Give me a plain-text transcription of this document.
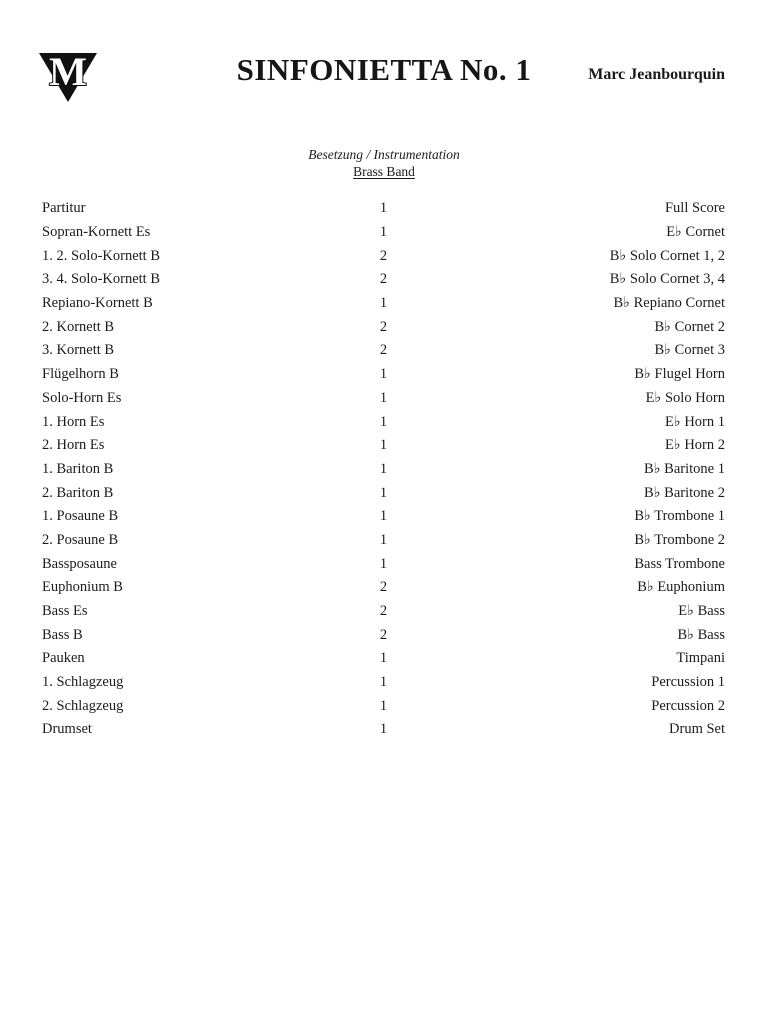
M	SINFONIETTA No. 1	Marc Jeanbourquin
Besetzung / Instrumentation
Brass Band
Partitur	1	Full Score
Sopran-Kornett Es	1	E♭ Cornet
1. 2. Solo-Kornett B	2	B♭ Solo Cornet 1, 2
3. 4. Solo-Kornett B	2	B♭ Solo Cornet 3, 4
Repiano-Kornett B	1	B♭ Repiano Cornet
2. Kornett B	2	B♭ Cornet 2
3. Kornett B	2	B♭ Cornet 3
Flügelhorn B	1	B♭ Flugel Horn
Solo-Horn Es	1	E♭ Solo Horn
1. Horn Es	1	E♭ Horn 1
2. Horn Es	1	E♭ Horn 2
1. Bariton B	1	B♭ Baritone 1
2. Bariton B	1	B♭ Baritone 2
1. Posaune B	1	B♭ Trombone 1
2. Posaune B	1	B♭ Trombone 2
Bassposaune	1	Bass Trombone
Euphonium B	2	B♭ Euphonium
Bass Es	2	E♭ Bass
Bass B	2	B♭ Bass
Pauken	1	Timpani
1. Schlagzeug	1	Percussion 1
2. Schlagzeug	1	Percussion 2
Drumset	1	Drum Set
